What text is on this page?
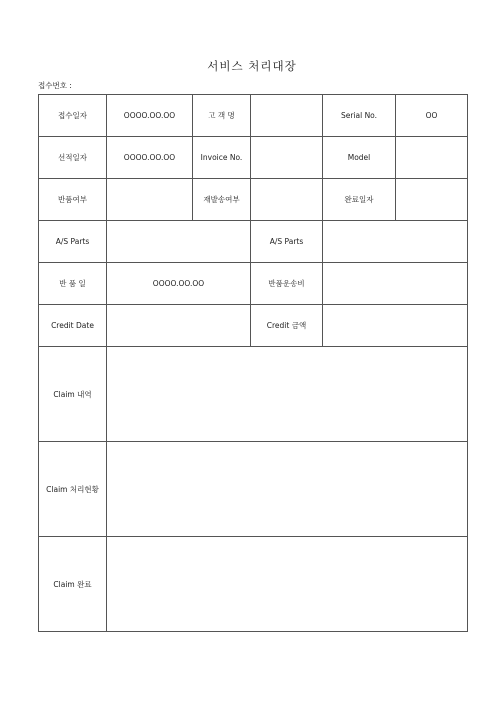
서비스 처리대장
접수번호 :
접수일자	OOOO.OO.OO	고 객 명		Serial No.	OO
선적일자	OOOO.OO.OO	Invoice No.		Model	
반품여부		재발송여부		완료일자	
A/S Parts			A/S Parts		
반 품 일	OOOO.OO.OO		반품운송비		
Credit Date			Credit 금액		
Claim 내역					
Claim 처리현황					
Claim 완료					
